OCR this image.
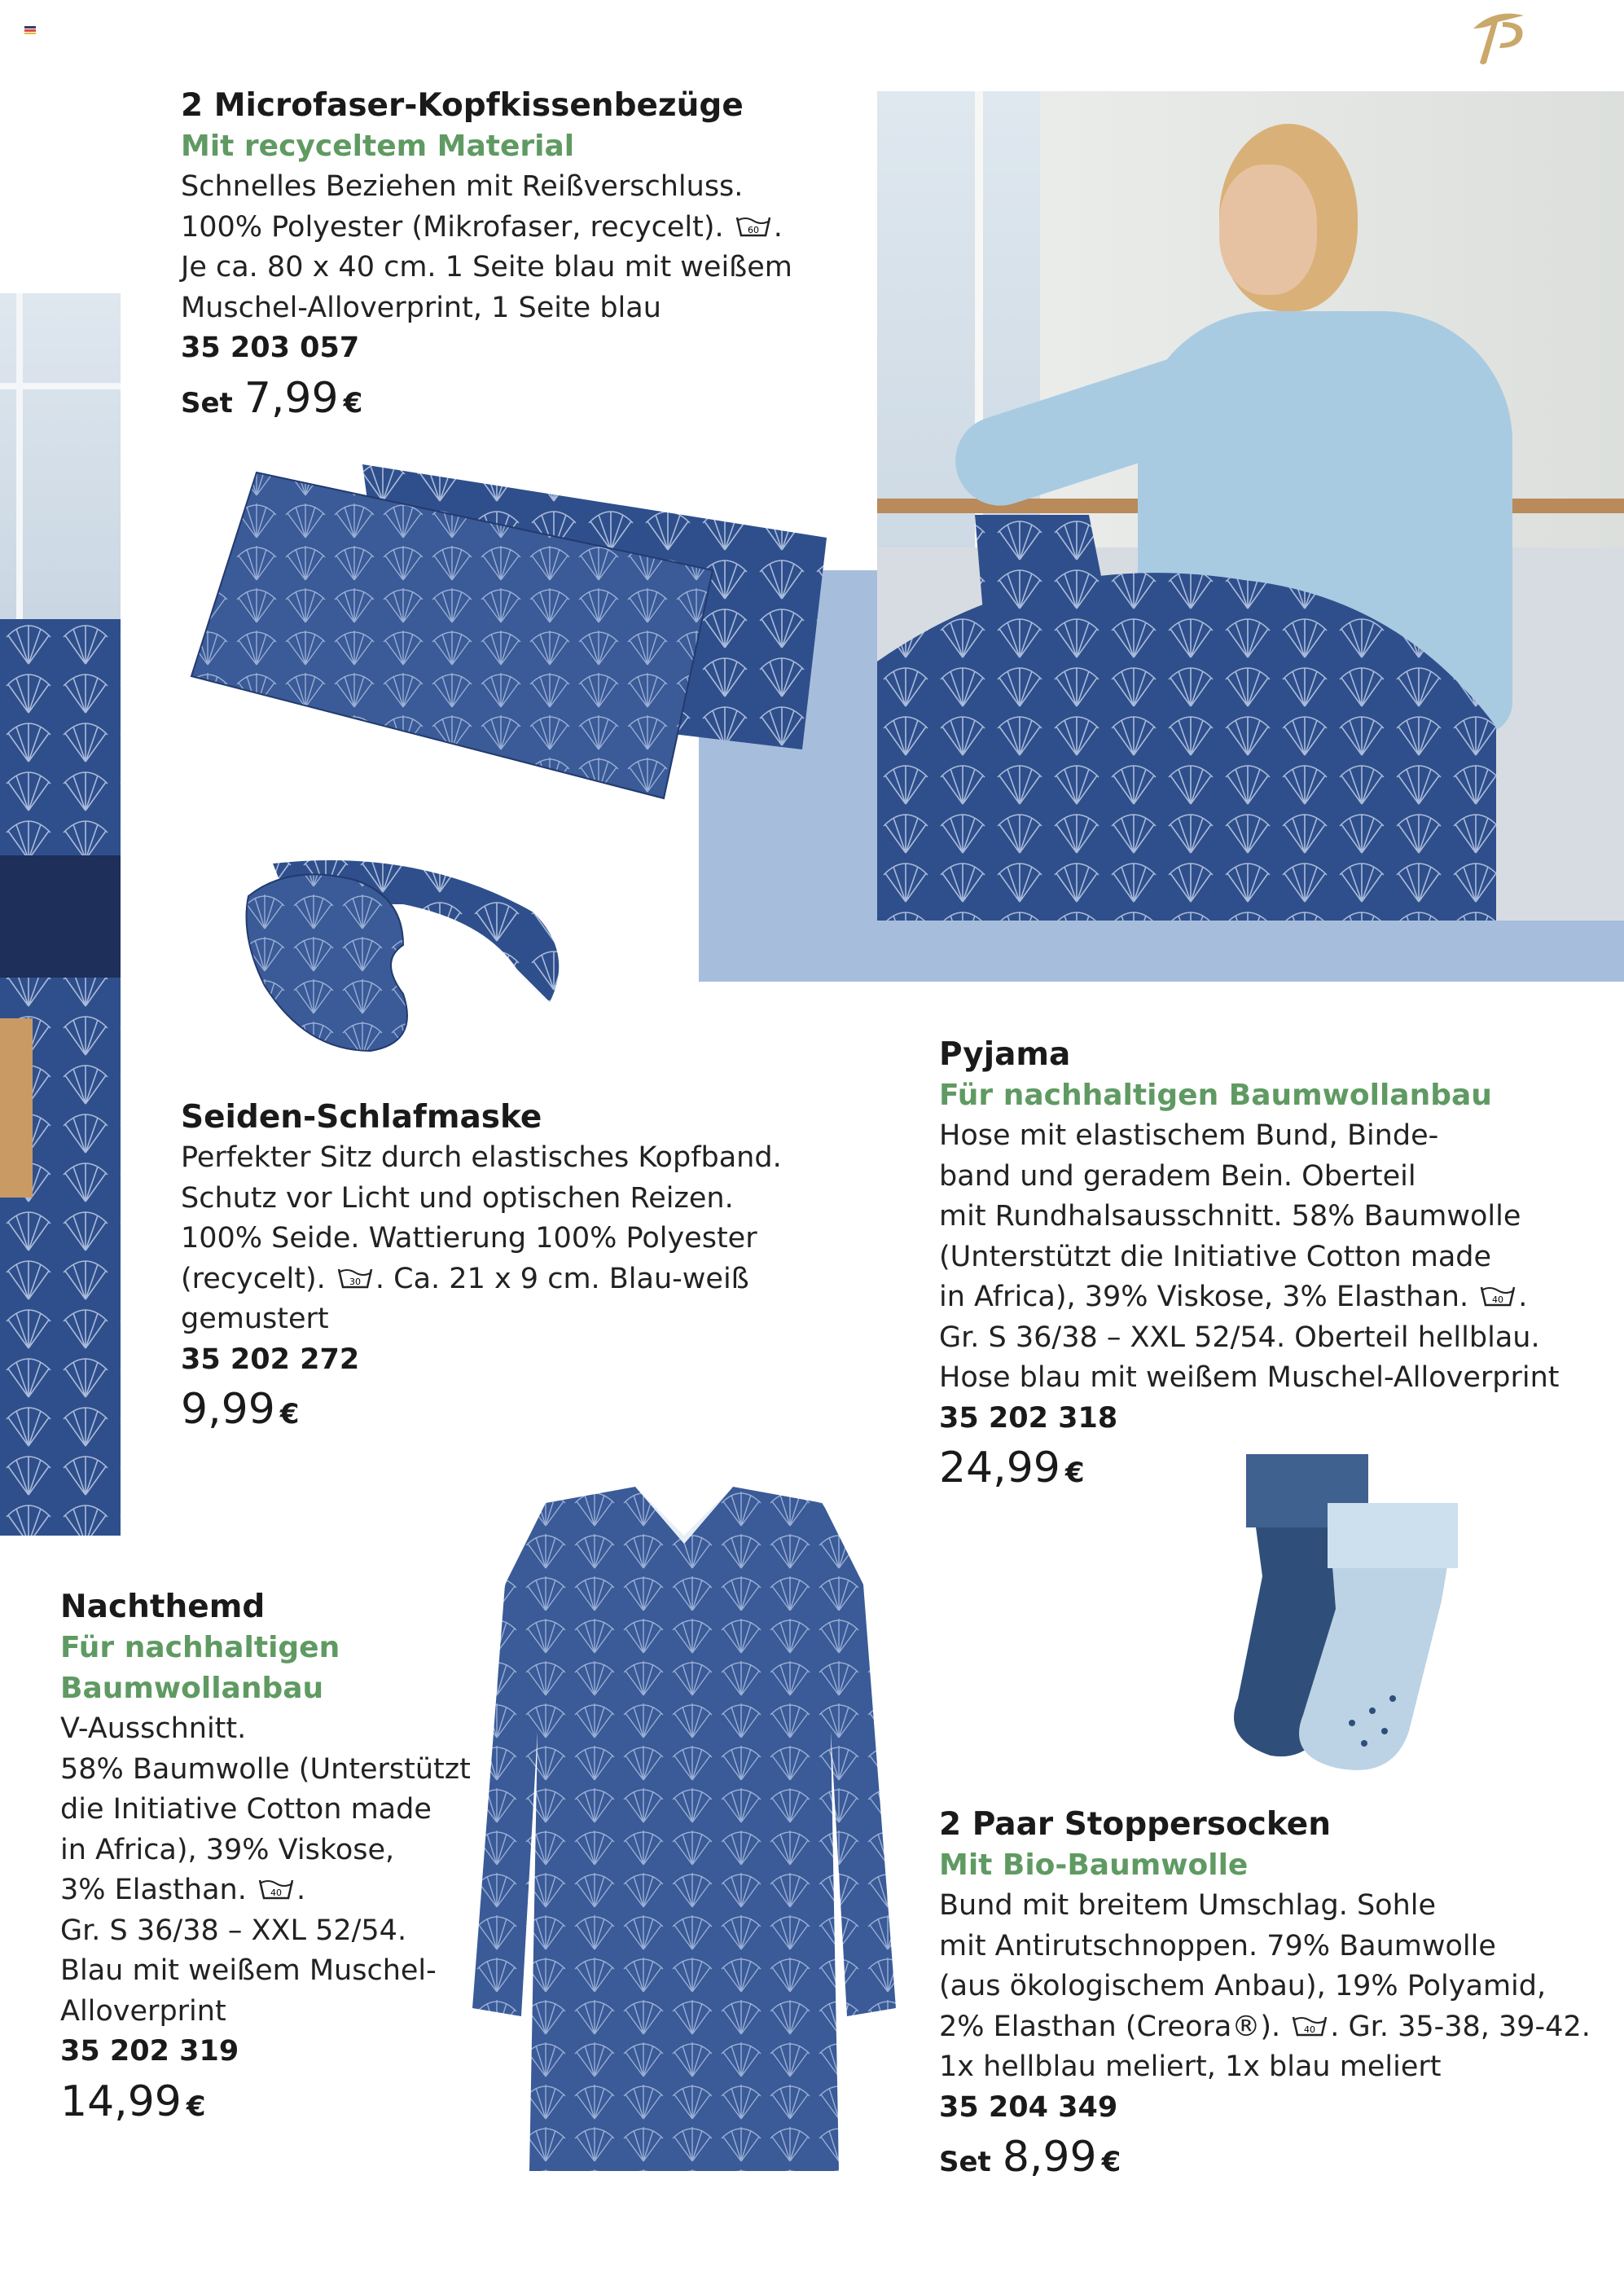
2 Microfaser-Kopfkissenbezüge
Mit recyceltem Material
Schnelles Beziehen mit Reißverschluss.
100% Polyester (Mikrofaser, recycelt).	60 .
Je ca. 80 x 40 cm. 1 Seite blau mit weißem
Muschel-Alloverprint, 1 Seite blau
35 203 057
Set 7,99 €
Seiden-Schlafmaske
Perfekter Sitz durch elastisches Kopfband.
Schutz vor Licht und optischen Reizen.
100% Seide. Wattierung 100% Polyester
(recycelt).	30 . Ca. 21 x 9 cm. Blau-weiß
gemustert
35 202 272
9,99 €
Pyjama
Für nachhaltigen Baumwollanbau
Hose mit elastischem Bund, Binde-
band und geradem Bein. Oberteil
mit Rundhalsausschnitt. 58% Baumwolle
(Unterstützt die Initiative Cotton made
in Africa), 39% Viskose, 3% Elasthan.	40 .
Gr. S 36/38 – XXL 52/54. Oberteil hellblau.
Hose blau mit weißem Muschel-Alloverprint
35 202 318
24,99 €
Nachthemd
Für nachhaltigen
Baumwollanbau
V-Ausschnitt.
58% Baumwolle (Unterstützt
die Initiative Cotton made
in Africa), 39% Viskose,
3% Elasthan.	40 .
Gr. S 36/38 – XXL 52/54.
Blau mit weißem Muschel-
Alloverprint
35 202 319
14,99 €
2 Paar Stoppersocken
Mit Bio-Baumwolle
Bund mit breitem Umschlag. Sohle
mit Antirutschnoppen. 79% Baumwolle
(aus ökologischem Anbau), 19% Polyamid,
2% Elasthan (Creora®).	40 . Gr. 35-38, 39-42.
1x hellblau meliert, 1x blau meliert
35 204 349
Set 8,99 €
